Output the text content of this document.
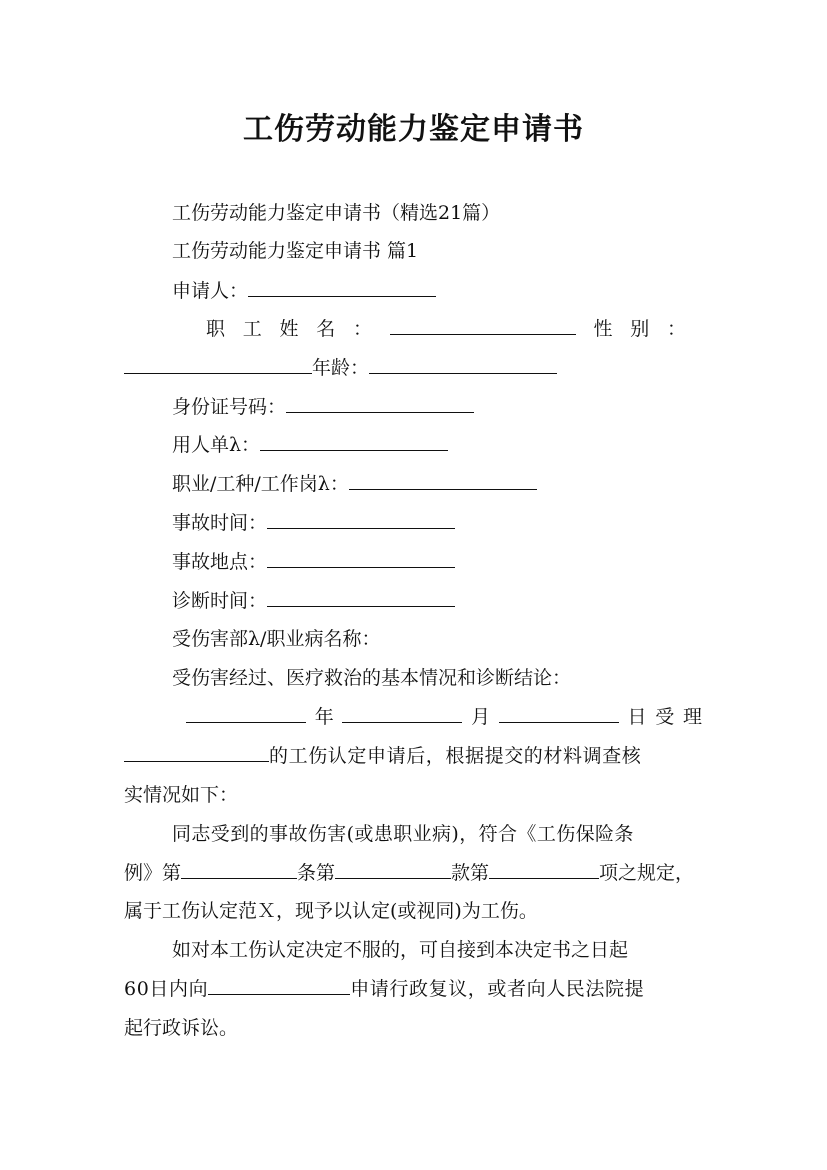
工伤劳动能力鉴定申请书
工伤劳动能力鉴定申请书（精选21篇）
工伤劳动能力鉴定申请书 篇1
申请人：
职 工 姓 名 ：	性 别 ：
年龄：
身份证号码：
用人单λ：
职业/工种/工作岗λ：
事故时间：
事故地点：
诊断时间：
受伤害部λ/职业病名称：
受伤害经过、医疗救治的基本情况和诊断结论：
年	月	日 受 理
的工伤认定申请后，根据提交的材料调查核
实情况如下：
同志受到的事故伤害(或患职业病)，符合《工伤保险条
例》第	条第	款第	项之规定，
属于工伤认定范Ｘ，现予以认定(或视同)为工伤。
如对本工伤认定决定不服的，可自接到本决定书之日起
60日内向	申请行政复议，或者向人民法院提
起行政诉讼。
